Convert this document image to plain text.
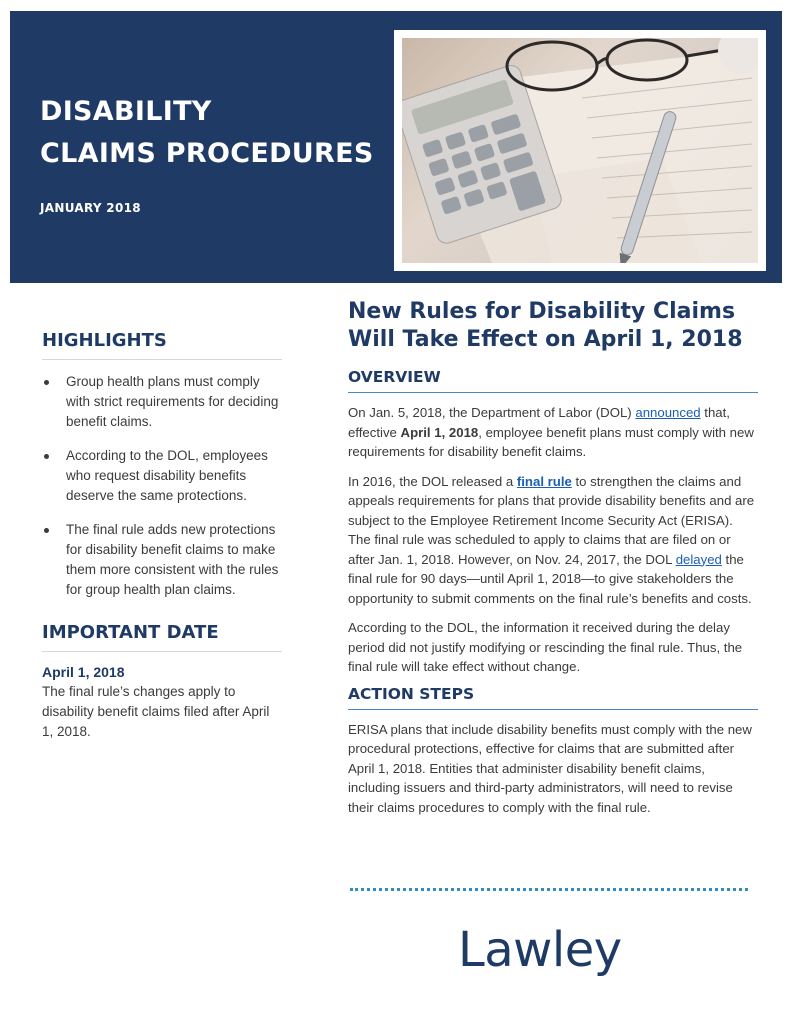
DISABILITY
CLAIMS PROCEDURES
JANUARY 2018
HIGHLIGHTS
Group health plans must comply with strict requirements for deciding benefit claims.
According to the DOL, employees who request disability benefits deserve the same protections.
The final rule adds new protections for disability benefit claims to make them more consistent with the rules for group health plan claims.
IMPORTANT DATE
April 1, 2018
The final rule’s changes apply to disability benefit claims filed after April 1, 2018.
New Rules for Disability Claims
Will Take Effect on April 1, 2018
OVERVIEW

On Jan. 5, 2018, the Department of Labor (DOL) announced that, effective April 1, 2018, employee benefit plans must comply with new requirements for disability benefit claims.

In 2016, the DOL released a final rule to strengthen the claims and appeals requirements for plans that provide disability benefits and are subject to the Employee Retirement Income Security Act (ERISA). The final rule was scheduled to apply to claims that are filed on or after Jan. 1, 2018. However, on Nov. 24, 2017, the DOL delayed the final rule for 90 days—until April 1, 2018—to give stakeholders the opportunity to submit comments on the final rule’s benefits and costs.

According to the DOL, the information it received during the delay period did not justify modifying or rescinding the final rule. Thus, the final rule will take effect without change.

ACTION STEPS

ERISA plans that include disability benefits must comply with the new procedural protections, effective for claims that are submitted after April 1, 2018. Entities that administer disability benefit claims, including issuers and third-party administrators, will need to revise their claims procedures to comply with the final rule.

Lawley
